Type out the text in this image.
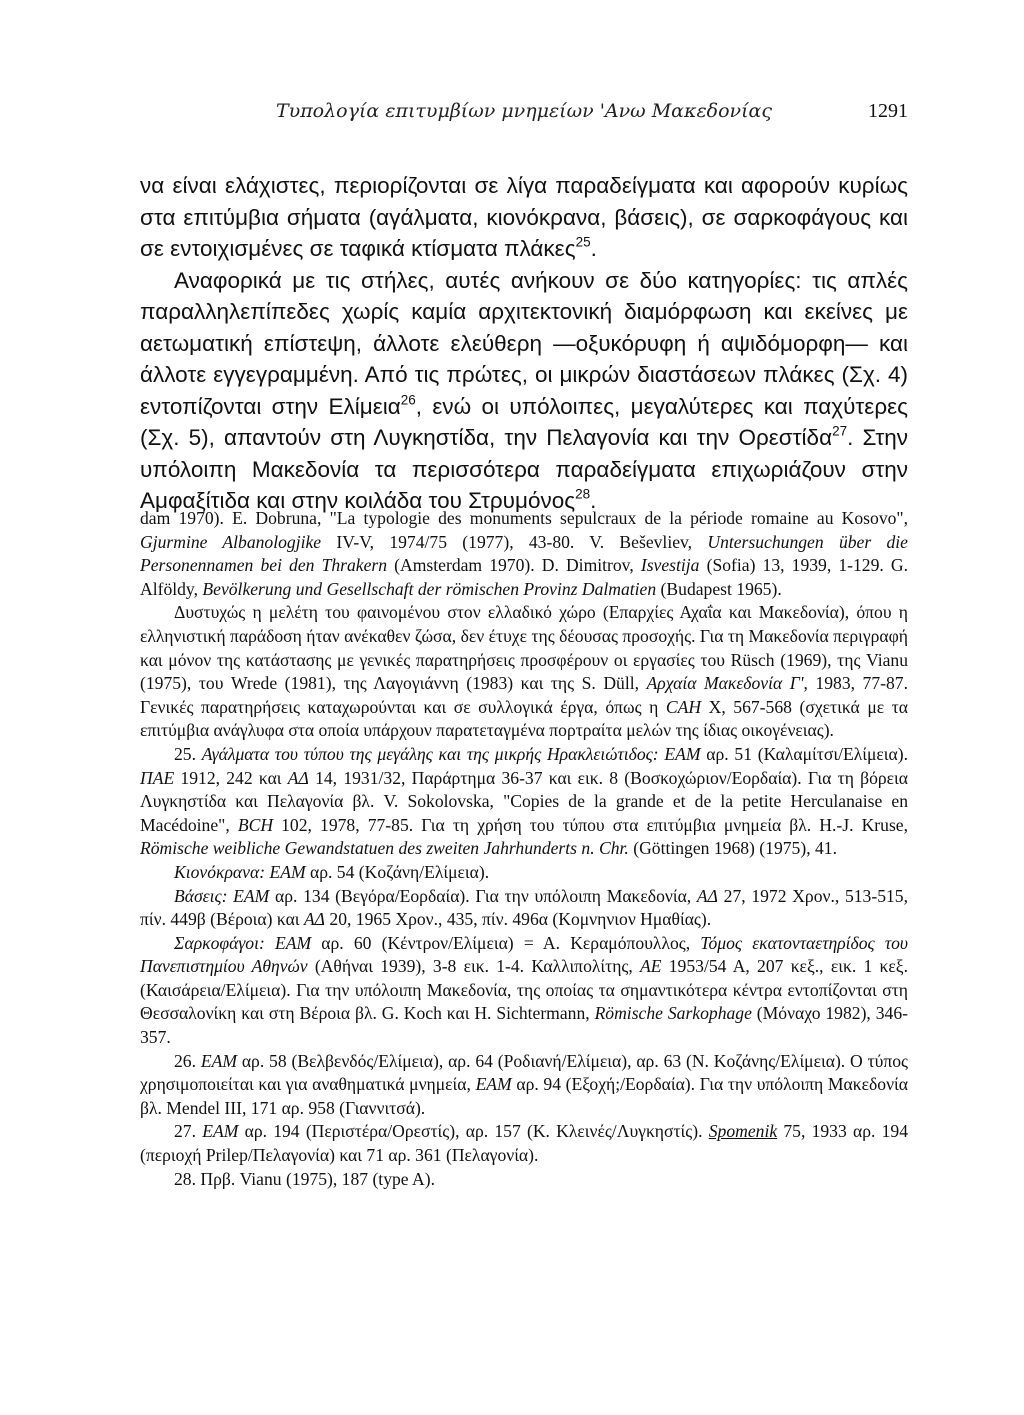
Τυπολογία επιτυμβίων μνημείων 'Ανω Μακεδονίας	1291

να είναι ελάχιστες, περιορίζονται σε λίγα παραδείγματα και αφορούν κυρίως στα επιτύμβια σήματα (αγάλματα, κιονόκρανα, βάσεις), σε σαρκοφάγους και σε εντοιχισμένες σε ταφικά κτίσματα πλάκες$^{25}$.

Αναφορικά με τις στήλες, αυτές ανήκουν σε δύο κατηγορίες: τις απλές παραλληλεπίπεδες χωρίς καμία αρχιτεκτονική διαμόρφωση και εκείνες με αετωματική επίστεψη, άλλοτε ελεύθερη —οξυκόρυφη ή αψιδόμορφη— και άλλοτε εγγεγραμμένη. Από τις πρώτες, οι μικρών διαστάσεων πλάκες (Σχ. 4) εντοπίζονται στην Ελίμεια$^{26}$, ενώ οι υπόλοιπες, μεγαλύτερες και παχύτερες (Σχ. 5), απαντούν στη Λυγκηστίδα, την Πελαγονία και την Ορεστίδα$^{27}$. Στην υπόλοιπη Μακεδονία τα περισσότερα παραδείγματα επιχωριάζουν στην Αμφαξίτιδα και στην κοιλάδα του Στρυμόνος$^{28}$.

dam 1970). E. Dobruna, "La typologie des monuments sepulcraux de la période romaine au Kosovo", Gjurmine Albanologjike IV-V, 1974/75 (1977), 43-80. V. Beševliev, Untersuchungen über die Personennamen bei den Thrakern (Amsterdam 1970). D. Dimitrov, Isvestija (Sofia) 13, 1939, 1-129. G. Alföldy, Bevölkerung und Gesellschaft der römischen Provinz Dalmatien (Budapest 1965).

Δυστυχώς η μελέτη του φαινομένου στον ελλαδικό χώρο (Επαρχίες Αχαΐα και Μακεδονία), όπου η ελληνιστική παράδοση ήταν ανέκαθεν ζώσα, δεν έτυχε της δέουσας προσοχής. Για τη Μακεδονία περιγραφή και μόνον της κατάστασης με γενικές παρατηρήσεις προσφέρουν οι εργασίες του Rüsch (1969), της Vianu (1975), του Wrede (1981), της Λαγογιάννη (1983) και της S. Düll, Αρχαία Μακεδονία Γ', 1983, 77-87. Γενικές παρατηρήσεις καταχωρούνται και σε συλλογικά έργα, όπως η CAH X, 567-568 (σχετικά με τα επιτύμβια ανάγλυφα στα οποία υπάρχουν παρατεταγμένα πορτραίτα μελών της ίδιας οικογένειας).

25. Αγάλματα του τύπου της μεγάλης και της μικρής Ηρακλειώτιδος: ΕΑΜ αρ. 51 (Καλαμίτσι/Ελίμεια). ΠΑΕ 1912, 242 και ΑΔ 14, 1931/32, Παράρτημα 36-37 και εικ. 8 (Βοσκοχώριον/Εορδαία). Για τη βόρεια Λυγκηστίδα και Πελαγονία βλ. V. Sokolovska, "Copies de la grande et de la petite Herculanaise en Macédoine", BCH 102, 1978, 77-85. Για τη χρήση του τύπου στα επιτύμβια μνημεία βλ. H.-J. Kruse, Römische weibliche Gewandstatuen des zweiten Jahrhunderts n. Chr. (Göttingen 1968) (1975), 41.

Κιονόκρανα: ΕΑΜ αρ. 54 (Κοζάνη/Ελίμεια).

Βάσεις: ΕΑΜ αρ. 134 (Βεγόρα/Εορδαία). Για την υπόλοιπη Μακεδονία, ΑΔ 27, 1972 Χρον., 513-515, πίν. 449β (Βέροια) και ΑΔ 20, 1965 Χρον., 435, πίν. 496α (Κομνηνιον Ημαθίας).

Σαρκοφάγοι: ΕΑΜ αρ. 60 (Κέντρον/Ελίμεια) = Α. Κεραμόπουλλος, Τόμος εκατονταετηρίδος του Πανεπιστημίου Αθηνών (Αθήναι 1939), 3-8 εικ. 1-4. Καλλιπολίτης, ΑΕ 1953/54 Α, 207 κεξ., εικ. 1 κεξ. (Καισάρεια/Ελίμεια). Για την υπόλοιπη Μακεδονία, της οποίας τα σημαντικότερα κέντρα εντοπίζονται στη Θεσσαλονίκη και στη Βέροια βλ. G. Koch και H. Sichtermann, Römische Sarkophage (Μόναχο 1982), 346-357.

26. ΕΑΜ αρ. 58 (Βελβενδός/Ελίμεια), αρ. 64 (Ροδιανή/Ελίμεια), αρ. 63 (Ν. Κοζάνης/Ελίμεια). Ο τύπος χρησιμοποιείται και για αναθηματικά μνημεία, ΕΑΜ αρ. 94 (Εξοχή;/Εορδαία). Για την υπόλοιπη Μακεδονία βλ. Mendel III, 171 αρ. 958 (Γιαννιτσά).

27. ΕΑΜ αρ. 194 (Περιστέρα/Ορεστίς), αρ. 157 (Κ. Κλεινές/Λυγκηστίς). Spomenik 75, 1933 αρ. 194 (περιοχή Prilep/Πελαγονία) και 71 αρ. 361 (Πελαγονία).

28. Πρβ. Vianu (1975), 187 (type A).
